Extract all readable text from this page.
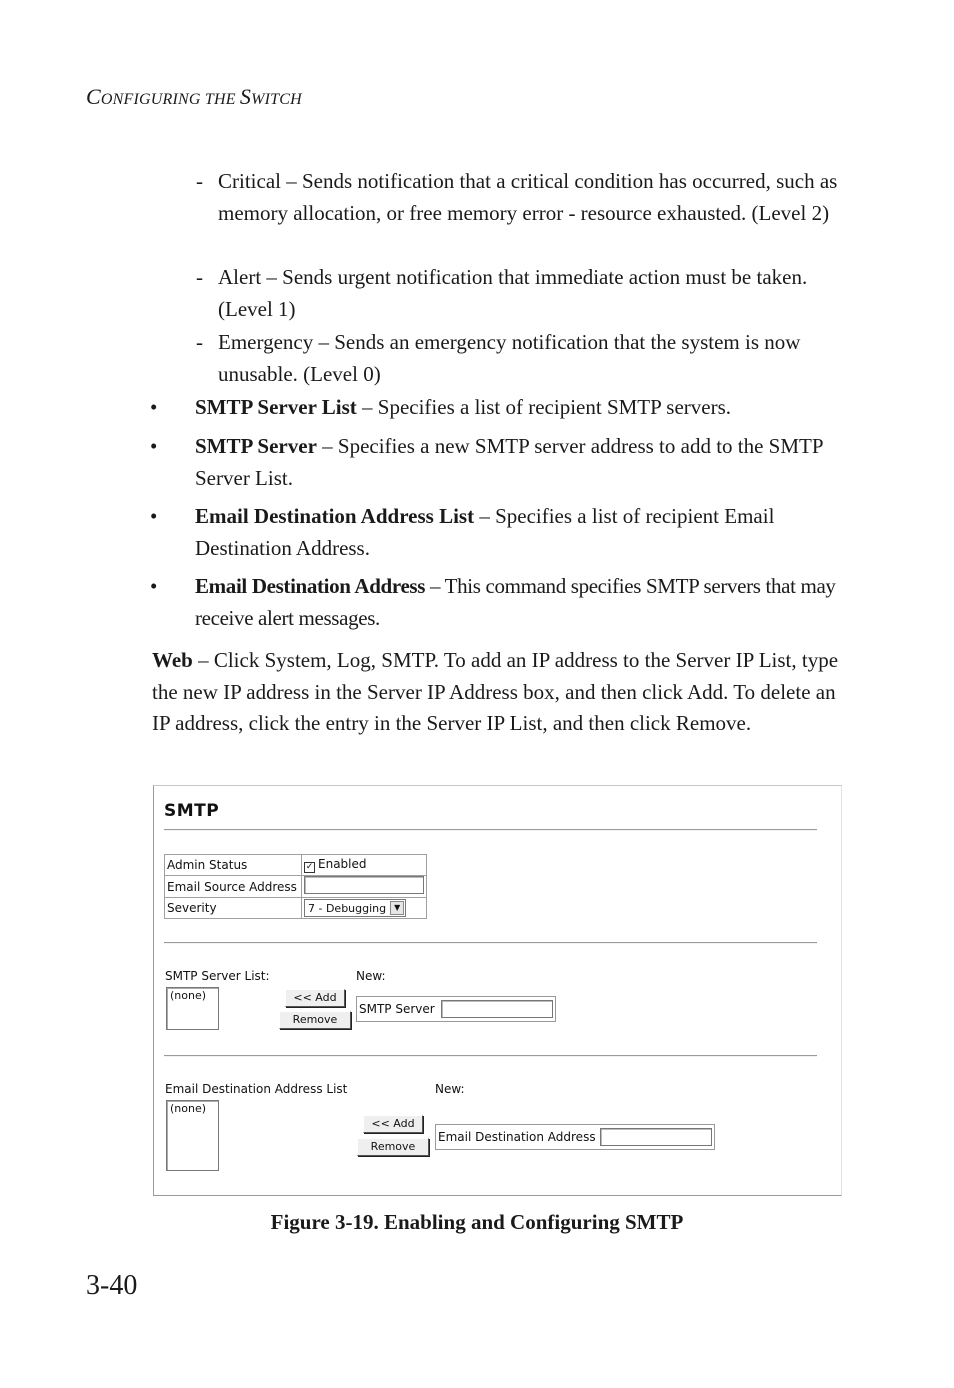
CONFIGURING THE SWITCH
- Critical – Sends notification that a critical condition has occurred, such as memory allocation, or free memory error - resource exhausted. (Level 2)
- Alert – Sends urgent notification that immediate action must be taken. (Level 1)
- Emergency – Sends an emergency notification that the system is now unusable. (Level 0)
•	SMTP Server List – Specifies a list of recipient SMTP servers.
•	SMTP Server – Specifies a new SMTP server address to add to the SMTP Server List.
•	Email Destination Address List – Specifies a list of recipient Email Destination Address.
•	Email Destination Address – This command specifies SMTP servers that may receive alert messages.
Web – Click System, Log, SMTP. To add an IP address to the Server IP List, type the new IP address in the Server IP Address box, and then click Add. To delete an IP address, click the entry in the Server IP List, and then click Remove.
SMTP
Admin Status	✓ Enabled
Email Source Address	
Severity	7 - Debugging ▼
SMTP Server List:
(none)
New:
<< Add
Remove
SMTP Server
Email Destination Address List
(none)
New:
<< Add
Remove
Email Destination Address
Figure 3-19. Enabling and Configuring SMTP
3-40
